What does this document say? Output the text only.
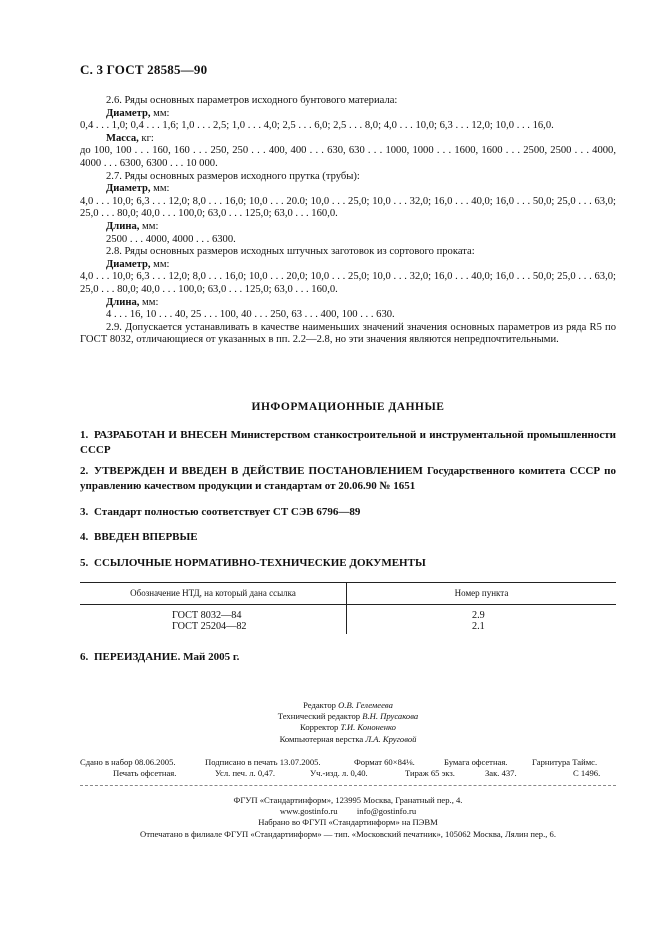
С. 3 ГОСТ 28585—90
2.6. Ряды основных параметров исходного бунтового материала:
Диаметр, мм:
0,4 . . . 1,0; 0,4 . . . 1,6; 1,0 . . . 2,5; 1,0 . . . 4,0; 2,5 . . . 6,0; 2,5 . . . 8,0; 4,0 . . . 10,0; 6,3 . . . 12,0; 10,0 . . . 16,0.
Масса, кг:
до 100, 100 . . . 160, 160 . . . 250, 250 . . . 400, 400 . . . 630, 630 . . . 1000, 1000 . . . 1600, 1600 . . . 2500, 2500 . . . 4000, 4000 . . . 6300, 6300 . . . 10 000.
2.7. Ряды основных размеров исходного прутка (трубы):
Диаметр, мм:
4,0 . . . 10,0; 6,3 . . . 12,0; 8,0 . . . 16,0; 10,0 . . . 20.0; 10,0 . . . 25,0; 10,0 . . . 32,0; 16,0 . . . 40,0; 16,0 . . . 50,0; 25,0 . . . 63,0; 25,0 . . . 80,0; 40,0 . . . 100,0; 63,0 . . . 125,0; 63,0 . . . 160,0.
Длина, мм:
2500 . . . 4000, 4000 . . . 6300.
2.8. Ряды основных размеров исходных штучных заготовок из сортового проката:
Диаметр, мм:
4,0 . . . 10,0; 6,3 . . . 12,0; 8,0 . . . 16,0; 10,0 . . . 20,0; 10,0 . . . 25,0; 10,0 . . . 32,0; 16,0 . . . 40,0; 16,0 . . . 50,0; 25,0 . . . 63,0; 25,0 . . . 80,0; 40,0 . . . 100,0; 63,0 . . . 125,0; 63,0 . . . 160,0.
Длина, мм:
4 . . . 16, 10 . . . 40, 25 . . . 100, 40 . . . 250, 63 . . . 400, 100 . . . 630.
2.9. Допускается устанавливать в качестве наименьших значений значения основных параметров из ряда R5 по ГОСТ 8032, отличающиеся от указанных в пп. 2.2—2.8, но эти значения являются непредпочтительными.
ИНФОРМАЦИОННЫЕ ДАННЫЕ
1. РАЗРАБОТАН И ВНЕСЕН Министерством станкостроительной и инструментальной промышленности СССР
2. УТВЕРЖДЕН И ВВЕДЕН В ДЕЙСТВИЕ ПОСТАНОВЛЕНИЕМ Государственного комитета СССР по управлению качеством продукции и стандартам от 20.06.90 № 1651
3. Стандарт полностью соответствует СТ СЭВ 6796—89
4. ВВЕДЕН ВПЕРВЫЕ
5. ССЫЛОЧНЫЕ НОРМАТИВНО-ТЕХНИЧЕСКИЕ ДОКУМЕНТЫ
Обозначение НТД, на который дана ссылка	Номер пункта
ГОСТ 8032—84	2.9
ГОСТ 25204—82	2.1
6. ПЕРЕИЗДАНИЕ. Май 2005 г.
Редактор О.В. Гелемеева
Технический редактор В.Н. Прусакова
Корректор Т.И. Кононенко
Компьютерная верстка Л.А. Круговой
Сдано в набор 08.06.2005.	Подписано в печать 13.07.2005.	Формат 60×84⅛.	Бумага офсетная.	Гарнитура Таймс.
Печать офсетная.	Усл. печ. л. 0,47.	Уч.-изд. л. 0,40.	Тираж 65 экз.	Зак. 437.	С 1496.
ФГУП «Стандартинформ», 123995 Москва, Гранатный пер., 4.
www.gostinfo.ru info@gostinfo.ru
Набрано во ФГУП «Стандартинформ» на ПЭВМ
Отпечатано в филиале ФГУП «Стандартинформ» — тип. «Московский печатник», 105062 Москва, Лялин пер., 6.
